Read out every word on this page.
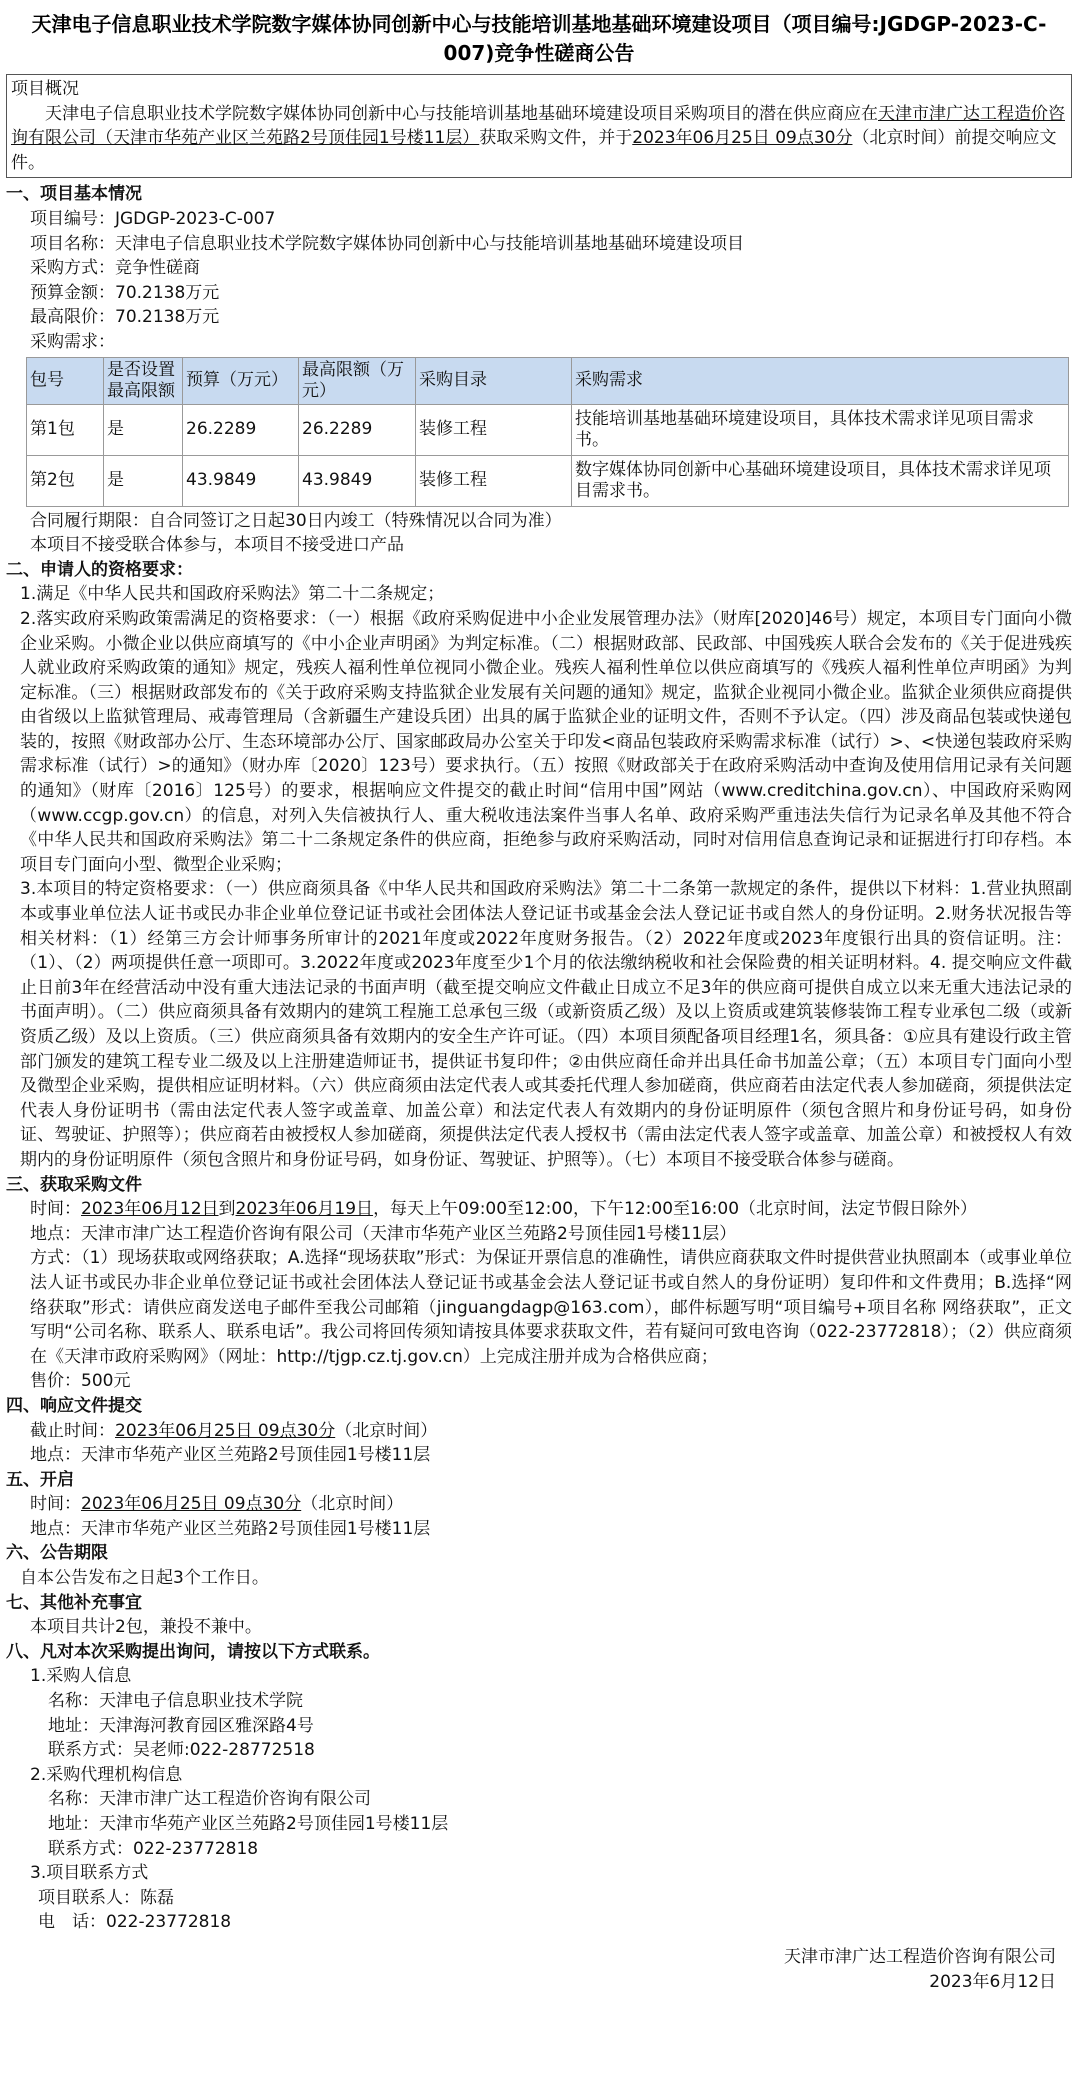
天津电子信息职业技术学院数字媒体协同创新中心与技能培训基地基础环境建设项目（项目编号:JGDGP-2023-C-007)竞争性磋商公告
项目概况
天津电子信息职业技术学院数字媒体协同创新中心与技能培训基地基础环境建设项目采购项目的潜在供应商应在天津市津广达工程造价咨询有限公司（天津市华苑产业区兰苑路2号顶佳园1号楼11层）获取采购文件，并于2023年06月25日 09点30分（北京时间）前提交响应文件。
一、项目基本情况
项目编号：JGDGP-2023-C-007
项目名称：天津电子信息职业技术学院数字媒体协同创新中心与技能培训基地基础环境建设项目
采购方式：竞争性磋商
预算金额：70.2138万元
最高限价：70.2138万元
采购需求：
包号	是否设置最高限额	预算（万元）	最高限额（万元）	采购目录	采购需求
第1包	是	26.2289	26.2289	装修工程	技能培训基地基础环境建设项目，具体技术需求详见项目需求书。
第2包	是	43.9849	43.9849	装修工程	数字媒体协同创新中心基础环境建设项目，具体技术需求详见项目需求书。
合同履行期限：自合同签订之日起30日内竣工（特殊情况以合同为准）
本项目不接受联合体参与，本项目不接受进口产品
二、申请人的资格要求：
1.满足《中华人民共和国政府采购法》第二十二条规定；
2.落实政府采购政策需满足的资格要求：（一）根据《政府采购促进中小企业发展管理办法》（财库[2020]46号）规定，本项目专门面向小微企业采购。小微企业以供应商填写的《中小企业声明函》为判定标准。（二）根据财政部、民政部、中国残疾人联合会发布的《关于促进残疾人就业政府采购政策的通知》规定，残疾人福利性单位视同小微企业。残疾人福利性单位以供应商填写的《残疾人福利性单位声明函》为判定标准。（三）根据财政部发布的《关于政府采购支持监狱企业发展有关问题的通知》规定，监狱企业视同小微企业。监狱企业须供应商提供由省级以上监狱管理局、戒毒管理局（含新疆生产建设兵团）出具的属于监狱企业的证明文件，否则不予认定。（四）涉及商品包装或快递包装的，按照《财政部办公厅、生态环境部办公厅、国家邮政局办公室关于印发<商品包装政府采购需求标准（试行）>、<快递包装政府采购需求标准（试行）>的通知》（财办库〔2020〕123号）要求执行。（五）按照《财政部关于在政府采购活动中查询及使用信用记录有关问题的通知》（财库〔2016〕125号）的要求，根据响应文件提交的截止时间“信用中国”网站（www.creditchina.gov.cn）、中国政府采购网（www.ccgp.gov.cn）的信息，对列入失信被执行人、重大税收违法案件当事人名单、政府采购严重违法失信行为记录名单及其他不符合《中华人民共和国政府采购法》第二十二条规定条件的供应商，拒绝参与政府采购活动，同时对信用信息查询记录和证据进行打印存档。本项目专门面向小型、微型企业采购；
3.本项目的特定资格要求：（一）供应商须具备《中华人民共和国政府采购法》第二十二条第一款规定的条件，提供以下材料：1.营业执照副本或事业单位法人证书或民办非企业单位登记证书或社会团体法人登记证书或基金会法人登记证书或自然人的身份证明。2.财务状况报告等相关材料：（1）经第三方会计师事务所审计的2021年度或2022年度财务报告。（2）2022年度或2023年度银行出具的资信证明。注：（1）、（2）两项提供任意一项即可。3.2022年度或2023年度至少1个月的依法缴纳税收和社会保险费的相关证明材料。4. 提交响应文件截止日前3年在经营活动中没有重大违法记录的书面声明（截至提交响应文件截止日成立不足3年的供应商可提供自成立以来无重大违法记录的书面声明）。（二）供应商须具备有效期内的建筑工程施工总承包三级（或新资质乙级）及以上资质或建筑装修装饰工程专业承包二级（或新资质乙级）及以上资质。（三）供应商须具备有效期内的安全生产许可证。（四）本项目须配备项目经理1名，须具备：①应具有建设行政主管部门颁发的建筑工程专业二级及以上注册建造师证书，提供证书复印件；②由供应商任命并出具任命书加盖公章；（五）本项目专门面向小型及微型企业采购，提供相应证明材料。（六）供应商须由法定代表人或其委托代理人参加磋商，供应商若由法定代表人参加磋商，须提供法定代表人身份证明书（需由法定代表人签字或盖章、加盖公章）和法定代表人有效期内的身份证明原件（须包含照片和身份证号码，如身份证、驾驶证、护照等）；供应商若由被授权人参加磋商，须提供法定代表人授权书（需由法定代表人签字或盖章、加盖公章）和被授权人有效期内的身份证明原件（须包含照片和身份证号码，如身份证、驾驶证、护照等）。（七）本项目不接受联合体参与磋商。
三、获取采购文件
时间：2023年06月12日到2023年06月19日，每天上午09:00至12:00，下午12:00至16:00（北京时间，法定节假日除外）
地点：天津市津广达工程造价咨询有限公司（天津市华苑产业区兰苑路2号顶佳园1号楼11层）
方式：（1）现场获取或网络获取；A.选择“现场获取”形式：为保证开票信息的准确性，请供应商获取文件时提供营业执照副本（或事业单位法人证书或民办非企业单位登记证书或社会团体法人登记证书或基金会法人登记证书或自然人的身份证明）复印件和文件费用；B.选择“网络获取”形式：请供应商发送电子邮件至我公司邮箱（jinguangdagp@163.com），邮件标题写明“项目编号+项目名称 网络获取”，正文写明“公司名称、联系人、联系电话”。我公司将回传须知请按具体要求获取文件，若有疑问可致电咨询（022-23772818）；（2）供应商须在《天津市政府采购网》（网址：http://tjgp.cz.tj.gov.cn）上完成注册并成为合格供应商；
售价：500元
四、响应文件提交
截止时间：2023年06月25日 09点30分（北京时间）
地点：天津市华苑产业区兰苑路2号顶佳园1号楼11层
五、开启
时间：2023年06月25日 09点30分（北京时间）
地点：天津市华苑产业区兰苑路2号顶佳园1号楼11层
六、公告期限
自本公告发布之日起3个工作日。
七、其他补充事宜
本项目共计2包，兼投不兼中。
八、凡对本次采购提出询问，请按以下方式联系。
1.采购人信息
名称：天津电子信息职业技术学院
地址：天津海河教育园区雅深路4号
联系方式：吴老师:022-28772518
2.采购代理机构信息
名称：天津市津广达工程造价咨询有限公司
地址：天津市华苑产业区兰苑路2号顶佳园1号楼11层
联系方式：022-23772818
3.项目联系方式
项目联系人：陈磊
电　话：022-23772818
天津市津广达工程造价咨询有限公司
2023年6月12日
